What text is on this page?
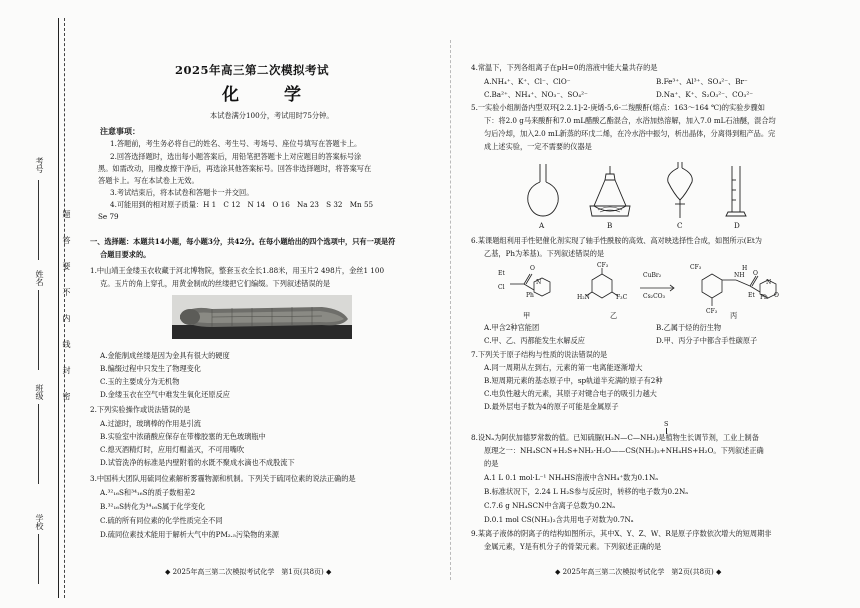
考号
姓名
班级
学校
题
答
要
不
内
线
封
密
2025年高三第二次模拟考试
化　学
本试卷满分100分，考试用时75分钟。
注意事项：
1.答题前，考生务必将自己的姓名、考生号、考场号、座位号填写在答题卡上。
2.回答选择题时，选出每小题答案后，用铅笔把答题卡上对应题目的答案标号涂
黑。如需改动，用橡皮擦干净后，再选涂其他答案标号。回答非选择题时，将答案写在
答题卡上。写在本试卷上无效。
3.考试结束后，将本试卷和答题卡一并交回。
4.可能用到的相对原子质量：H 1　C 12　N 14　O 16　Na 23　S 32　Mn 55
Se 79
一、选择题：本题共14小题，每小题3分，共42分。在每小题给出的四个选项中，只有一项是符
合题目要求的。
1.中山靖王金缕玉衣收藏于河北博物院，整套玉衣全长1.88米，用玉片2 498片，金丝1 100
克。玉片的角上穿孔，用黄金制成的丝缕把它们编缀。下列叙述错误的是
A.金能制成丝缕是因为金具有很大的硬度
B.编缀过程中只发生了物理变化
C.玉的主要成分为无机物
D.金缕玉衣在空气中难发生氧化还原反应
2.下列实验操作或说法错误的是
A.过滤时，玻璃棒的作用是引流
B.实验室中浓硝酸应保存在带橡胶塞的无色玻璃瓶中
C.熄灭酒精灯时，应用灯帽盖灭，不可用嘴吹
D.试管洗净的标准是内壁附着的水既不聚成水滴也不成股流下
3.中国科大团队用硫同位素解析雾霾物源和机制。下列关于硫同位素的说法正确的是
A.³²₁₆S和³⁴₁₆S的质子数相差2
B.³²₁₆S转化为³⁴₁₆S属于化学变化
C.硫的所有同位素的化学性质完全不同
D.硫同位素技术能用于解析大气中的PM₂.₅污染物的来源
◆ 2025年高三第二次模拟考试化学　第1页(共8页) ◆
4.常温下，下列各组离子在pH=0的溶液中能大量共存的是
A.NH₄⁺、K⁺、Cl⁻、ClO⁻	B.Fe³⁺、Al³⁺、SO₄²⁻、Br⁻
C.Ba²⁺、NH₄⁺、NO₃⁻、SO₄²⁻	D.Na⁺、K⁺、S₂O₃²⁻、CO₃²⁻
5.一实验小组制备内型双环[2.2.1]-2-庚烯-5,6-二羧酸酐(熔点：163～164 ℃)的实验步骤如
下：将2.0 g马来酸酐和7.0 mL醋酸乙酯混合，水浴加热溶解，加入7.0 mL石油醚，混合均
匀后冷却，加入2.0 mL新蒸的环戊二烯，在冷水浴中振匀，析出晶体，分离得到粗产品。完
成上述实验，一定不需要的仪器是
A	B	C	D
6.某课题组利用手性钯催化剂实现了轴手性酰胺的高效、高对映选择性合成，如图所示(Et为
乙基，Ph为苯基)。下列叙述错误的是
Et
Cl
Ph
O
N
CF₃
F₃C
H₂N
NH
H
Et Ph
O
N
O
CF₃
CF₃
CuBr₂
Cs₂CO₃
甲	乙	丙
A.甲含2种官能团	B.乙属于烃的衍生物
C.甲、乙、丙都能发生水解反应	D.甲、丙分子中都含手性碳原子
7.下列关于原子结构与性质的说法错误的是
A.同一周期从左到右，元素的第一电离能逐渐增大
B.短周期元素的基态原子中，sp轨道半充满的原子有2种
C.电负性越大的元素，其原子对键合电子的吸引力越大
D.最外层电子数为4的原子可能是金属原子
S
8.设Nₐ为阿伏加德罗常数的值。已知硫脲(H₂N—C—NH₂)是植物生长调节剂，工业上制备
原理之一：NH₄SCN+H₂S+NH₃·H₂O——CS(NH₂)₂+NH₄HS+H₂O。下列叙述正确
的是
A.1 L 0.1 mol·L⁻¹ NH₄HS溶液中含NH₄⁺数为0.1Nₐ
B.标准状况下，2.24 L H₂S参与反应时，转移的电子数为0.2Nₐ
C.7.6 g NH₄SCN中含离子总数为0.2Nₐ
D.0.1 mol CS(NH₂)₂含共用电子对数为0.7Nₐ
9.某离子液体的阴离子的结构如图所示，其中X、Y、Z、W、R是原子序数依次增大的短周期非
金属元素，Y是有机分子的骨架元素。下列叙述正确的是
◆ 2025年高三第二次模拟考试化学　第2页(共8页) ◆
